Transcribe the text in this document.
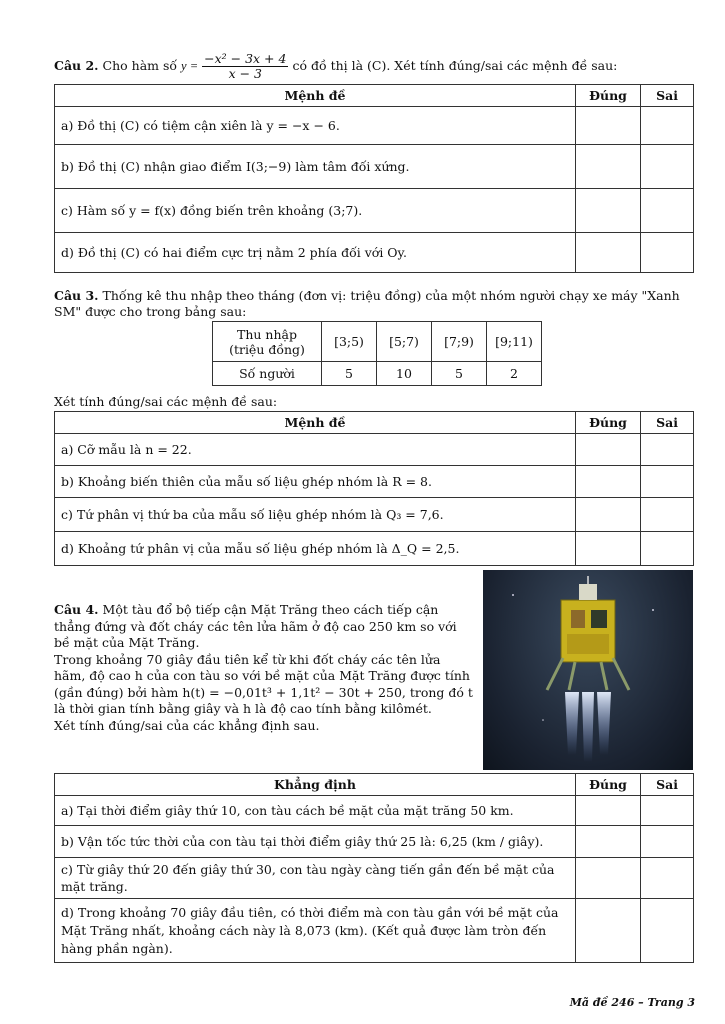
Câu 2. Cho hàm số $y = \frac{\text{−x² − 3x + 4}}{x - 3}$ có đồ thị là (C). Xét tính đúng/sai các mệnh đề sau:
Mệnh đề	Đúng	Sai
a) Đồ thị (C) có tiệm cận xiên là y = −x − 6.		
b) Đồ thị (C) nhận giao điểm I(3;−9) làm tâm đối xứng.		
c) Hàm số y = f(x) đồng biến trên khoảng (3;7).		
d) Đồ thị (C) có hai điểm cực trị nằm 2 phía đối với Oy.		
Câu 3. Thống kê thu nhập theo tháng (đơn vị: triệu đồng) của một nhóm người chạy xe máy "Xanh SM" được cho trong bảng sau:
Thu nhập (triệu đồng)	[3;5)	[5;7)	[7;9)	[9;11)
Số người	5	10	5	2
Xét tính đúng/sai các mệnh đề sau:
Mệnh đề	Đúng	Sai
a) Cỡ mẫu là n = 22.		
b) Khoảng biến thiên của mẫu số liệu ghép nhóm là R = 8.		
c) Tứ phân vị thứ ba của mẫu số liệu ghép nhóm là Q₃ = 7,6.		
d) Khoảng tứ phân vị của mẫu số liệu ghép nhóm là Δ_Q = 2,5.		
Câu 4. Một tàu đổ bộ tiếp cận Mặt Trăng theo cách tiếp cận thẳng đứng và đốt cháy các tên lửa hãm ở độ cao 250 km so với bề mặt của Mặt Trăng.
Trong khoảng 70 giây đầu tiên kể từ khi đốt cháy các tên lửa hãm, độ cao h của con tàu so với bề mặt của Mặt Trăng được tính (gần đúng) bởi hàm h(t) = −0,01t³ + 1,1t² − 30t + 250, trong đó t là thời gian tính bằng giây và h là độ cao tính bằng kilômét.
Xét tính đúng/sai của các khẳng định sau.
Khẳng định	Đúng	Sai
a) Tại thời điểm giây thứ 10, con tàu cách bề mặt của mặt trăng 50 km.		
b) Vận tốc tức thời của con tàu tại thời điểm giây thứ 25 là: 6,25 (km / giây).		
c) Từ giây thứ 20 đến giây thứ 30, con tàu ngày càng tiến gần đến bề mặt của mặt trăng.		
d) Trong khoảng 70 giây đầu tiên, có thời điểm mà con tàu gần với bề mặt của Mặt Trăng nhất, khoảng cách này là 8,073 (km). (Kết quả được làm tròn đến hàng phần ngàn).		
Mã đề 246 – Trang 3
